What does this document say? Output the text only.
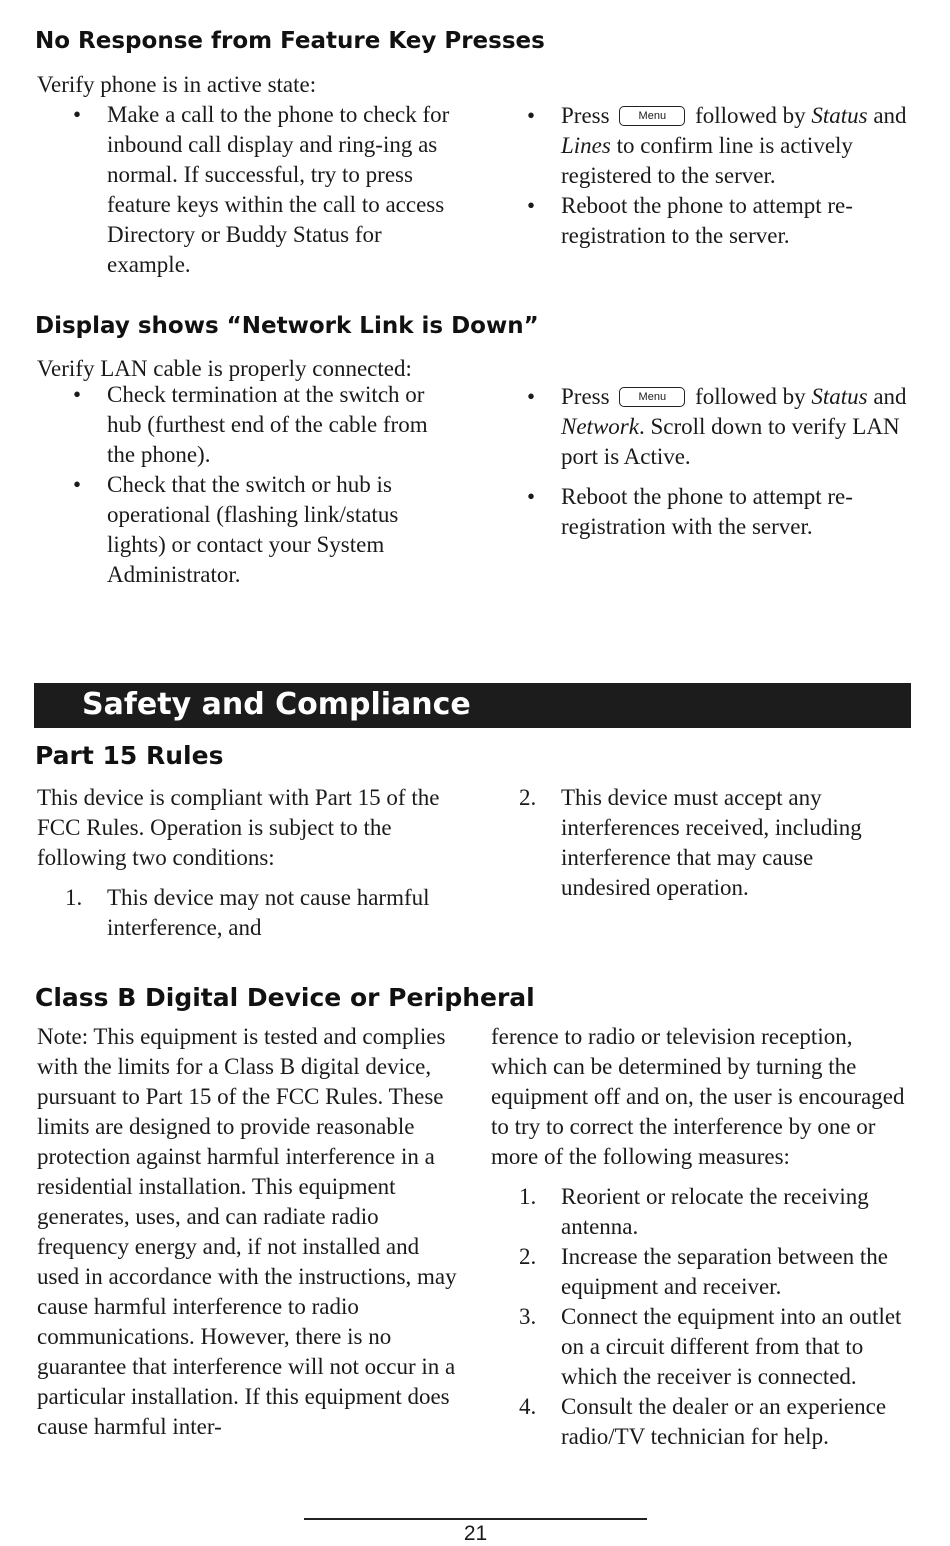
No Response from Feature Key Presses

Verify phone is in active state:

• Make a call to the phone to check for inbound call display and ring-ing as normal. If successful, try to press feature keys within the call to access Directory or Buddy Status for example.
• Press	Menu followed by Status and Lines to confirm line is actively registered to the server.
• Reboot the phone to attempt re-registration to the server.
Display shows “Network Link is Down”

Verify LAN cable is properly connected:

• Check termination at the switch or hub (furthest end of the cable from the phone).
• Check that the switch or hub is operational (flashing link/status lights) or contact your System Administrator.
• Press	Menu followed by Status and Network. Scroll down to verify LAN port is Active.
• Reboot the phone to attempt re-registration with the server.
Safety and Compliance
Part 15 Rules

This device is compliant with Part 15 of the FCC Rules. Operation is subject to the following two conditions:

1.	This device may not cause harmful interference, and
2.	This device must accept any interferences received, including interference that may cause undesired operation.
Class B Digital Device or Peripheral

Note: This equipment is tested and complies with the limits for a Class B digital device, pursuant to Part 15 of the FCC Rules. These limits are designed to provide reasonable protection against harmful interference in a residential installation. This equipment generates, uses, and can radiate radio frequency energy and, if not installed and used in accordance with the instructions, may cause harmful interference to radio communications. However, there is no guarantee that interference will not occur in a particular installation. If this equipment does cause harmful inter-

ference to radio or television reception, which can be determined by turning the equipment off and on, the user is encouraged to try to correct the interference by one or more of the following measures:

1.	Reorient or relocate the receiving antenna.
2.	Increase the separation between the equipment and receiver.
3.	Connect the equipment into an outlet on a circuit different from that to which the receiver is connected.
4.	Consult the dealer or an experience radio/TV technician for help.
21
